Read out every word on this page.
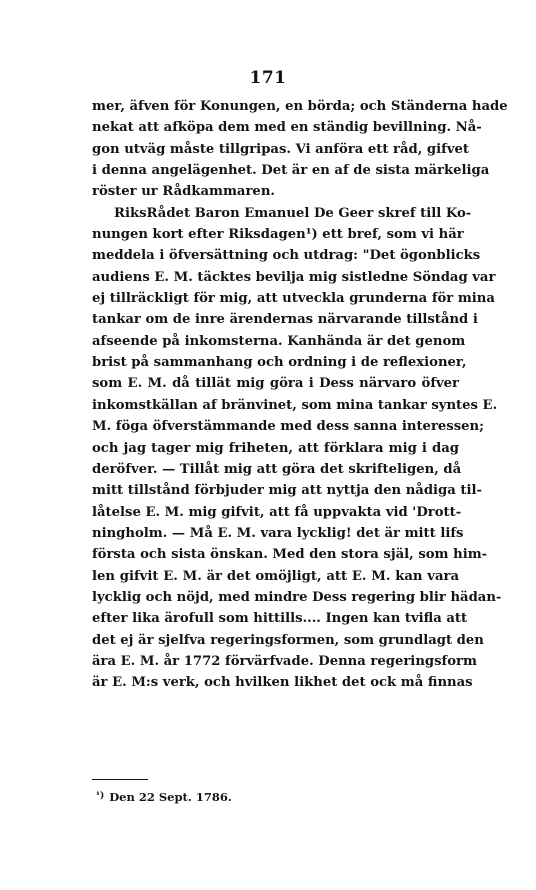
171
mer, äfven för Konungen, en börda; och Ständerna hade
nekat att afköpa dem med en ständig bevillning. Nå-
gon utväg måste tillgripas. Vi anföra ett råd, gifvet
i denna angelägenhet. Det är en af de sista märkeliga
röster ur Rådkammaren.
RiksRådet Baron Emanuel De Geer skref till Ko-
nungen kort efter Riksdagen¹) ett bref, som vi här
meddela i öfversättning och utdrag: "Det ögonblicks
audiens E. M. täcktes bevilja mig sistledne Söndag var
ej tillräckligt för mig, att utveckla grunderna för mina
tankar om de inre ärendernas närvarande tillstånd i
afseende på inkomsterna. Kanhända är det genom
brist på sammanhang och ordning i de reflexioner,
som E. M. då tillät mig göra i Dess närvaro öfver
inkomstkällan af bränvinet, som mina tankar syntes E.
M. föga öfverstämmande med dess sanna interessen;
och jag tager mig friheten, att förklara mig i dag
deröfver. — Tillåt mig att göra det skrifteligen, då
mitt tillstånd förbjuder mig att nyttja den nådiga til-
låtelse E. M. mig gifvit, att få uppvakta vid 'Drott-
ningholm. — Må E. M. vara lycklig! det är mitt lifs
första och sista önskan. Med den stora själ, som him-
len gifvit E. M. är det omöjligt, att E. M. kan vara
lycklig och nöjd, med mindre Dess regering blir hädan-
efter lika ärofull som hittills.... Ingen kan tvifla att
det ej är sjelfva regeringsformen, som grundlagt den
ära E. M. år 1772 förvärfvade. Denna regeringsform
är E. M:s verk, och hvilken likhet det ock må finnas
$^{^1)}$ Den 22 Sept. 1786.
